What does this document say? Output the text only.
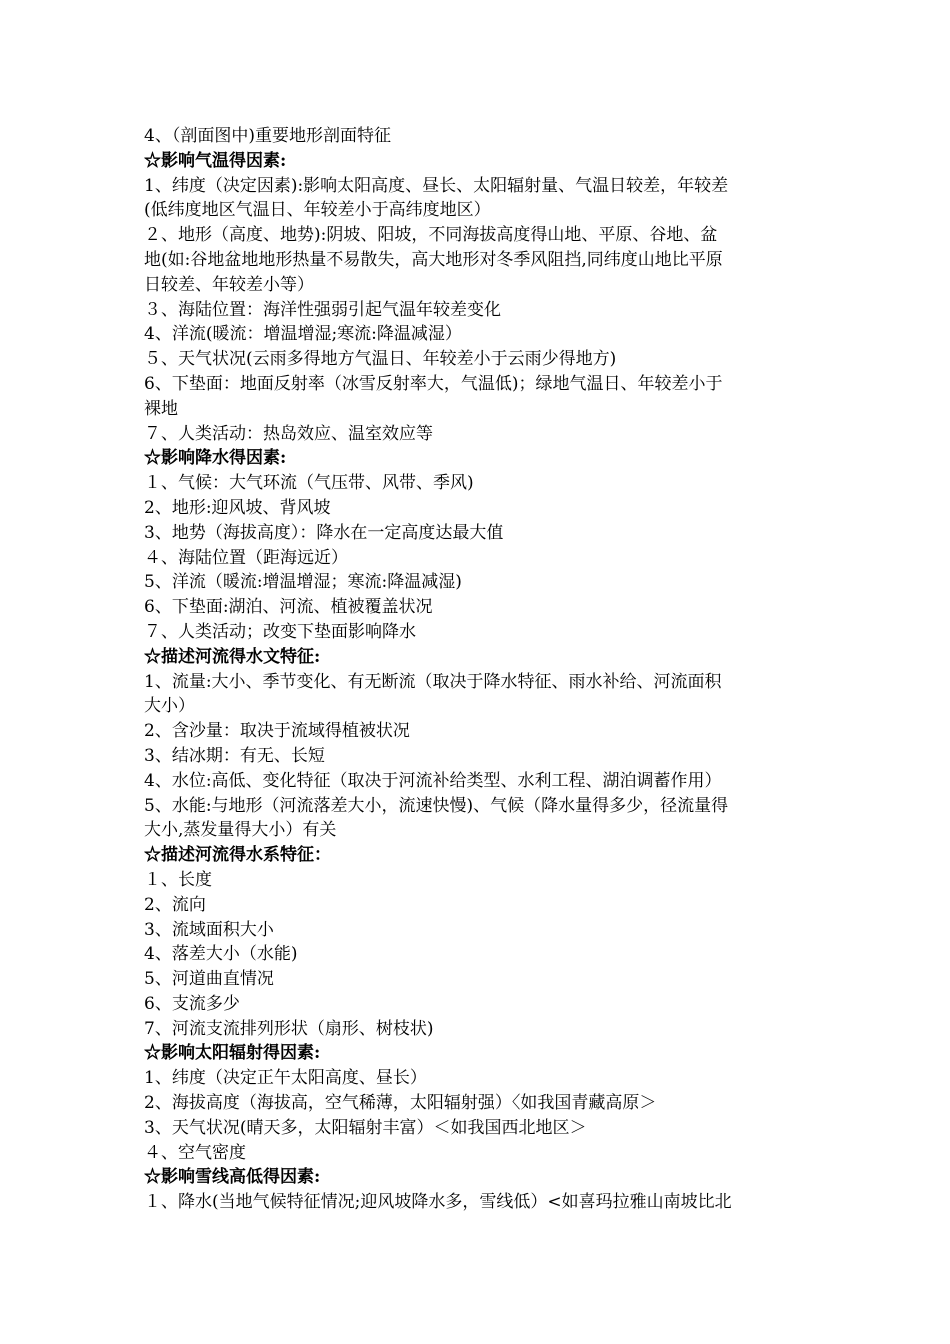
4、（剖面图中)重要地形剖面特征
☆影响气温得因素:
1、纬度（决定因素):影响太阳高度、昼长、太阳辐射量、气温日较差，年较差
(低纬度地区气温日、年较差小于高纬度地区）
２、地形（高度、地势):阴坡、阳坡，不同海拔高度得山地、平原、谷地、盆
地(如:谷地盆地地形热量不易散失，高大地形对冬季风阻挡,同纬度山地比平原
日较差、年较差小等）
３、海陆位置：海洋性强弱引起气温年较差变化
4、洋流(暖流：增温增湿;寒流:降温减湿）
５、天气状况(云雨多得地方气温日、年较差小于云雨少得地方)
6、下垫面：地面反射率（冰雪反射率大，气温低)；绿地气温日、年较差小于
裸地
７、人类活动：热岛效应、温室效应等
☆影响降水得因素:
１、气候：大气环流（气压带、风带、季风)
2、地形:迎风坡、背风坡
3、地势（海拔高度）：降水在一定高度达最大值
４、海陆位置（距海远近）
5、洋流（暖流:增温增湿；寒流:降温减湿)
6、下垫面:湖泊、河流、植被覆盖状况
７、人类活动；改变下垫面影响降水
☆描述河流得水文特征:
1、流量:大小、季节变化、有无断流（取决于降水特征、雨水补给、河流面积
大小）
2、含沙量：取决于流域得植被状况
3、结冰期：有无、长短
4、水位:高低、变化特征（取决于河流补给类型、水利工程、湖泊调蓄作用）
5、水能:与地形（河流落差大小，流速快慢)、气候（降水量得多少，径流量得
大小,蒸发量得大小）有关
☆描述河流得水系特征：
１、长度
2、流向
3、流域面积大小
4、落差大小（水能)
5、河道曲直情况
6、支流多少
7、河流支流排列形状（扇形、树枝状)
☆影响太阳辐射得因素:
1、纬度（决定正午太阳高度、昼长）
2、海拔高度（海拔高，空气稀薄，太阳辐射强）〈如我国青藏高原＞
3、天气状况(晴天多，太阳辐射丰富）＜如我国西北地区＞
４、空气密度
☆影响雪线高低得因素:
１、降水(当地气候特征情况;迎风坡降水多，雪线低）<如喜玛拉雅山南坡比北
